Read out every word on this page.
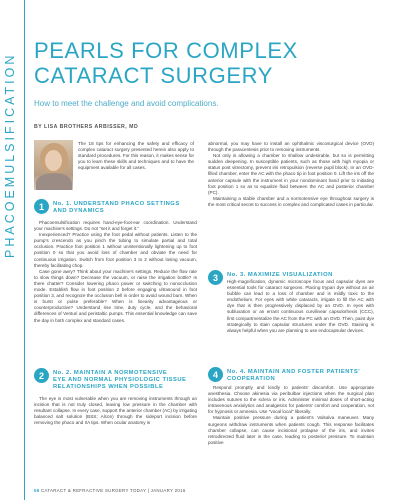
PHACOEMULSIFICATION
PEARLS FOR COMPLEX CATARACT SURGERY
How to meet the challenge and avoid complications.
BY LISA BROTHERS ARBISSER, MD
The 18 tips for enhancing the safety and efficacy of complex cataract surgery presented herein also apply to standard procedures. For this reason, it makes sense for you to learn these skills and techniques and to have the equipment available for all cases.
1	No. 1. UNDERSTAND PHACO SETTINGS
AND DYNAMICS

Phacoemulsification requires hand-eye-foot-ear coordination. Understand your machine's settings. Do not "set it and forget it."

Inexperienced? Practice using the foot pedal without patients. Listen to the pump's crescendo as you pinch the tubing to simulate partial and total occlusion. Practice foot position 1 without unintentionally lightening up to foot position 0 so that you avoid loss of chamber and obviate the need for continuous irrigation. Switch from foot position 3 to 2 without losing vacuum, thereby facilitating chop.

Case gone awry? Think about your machine's settings. Reduce the flow rate to slow things down? Decrease the vacuum, or raise the irrigation bottle? Is there chatter? Consider lowering phaco power or switching to nonocclusion mode. Establish flow in foot position 2 before engaging ultrasound in foot position 3, and recognize the occlusion bell in order to avoid wound burn. When is burst or pulse preferable? When is linearity advantageous or counterproductive? Understand rise time, duty cycle, and the behavioral differences of Venturi and peristaltic pumps. This essential knowledge can save the day in both complex and standard cases.

2	No. 2. MAINTAIN A NORMOTENSIVE
EYE AND NORMAL PHYSIOLOGIC TISSUE
RELATIONSHIPS WHEN POSSIBLE

The eye is most vulnerable when you are removing instruments through an incision that is not truly closed, leaving low pressure in the chamber with resultant collapse. In every case, support the anterior chamber (AC) by irrigating balanced salt solution (BSS; Alcon) through the sideport incision before removing the phaco and I/A tips. When ocular anatomy is

abnormal, you may have to install an ophthalmic viscosurgical device (OVD) through the paracentesis prior to removing instruments.

Not only is allowing a chamber to shallow undesirable, but so is permitting sudden deepening. In susceptible patients, such as those with high myopia or status post vitrectomy, prevent iris retropulsion (reverse pupil block). In an OVD-filled chamber, enter the AC with the phaco tip in foot position 0. Lift the iris off the anterior capsule with the instrument in your nondominant hand prior to initiating foot position 1 so as to equalize fluid between the AC and posterior chamber (PC).

Maintaining a stable chamber and a normotensive eye throughout surgery is the most critical secret to success in complex and complicated cases in particular.

3	No. 3. MAXIMIZE VISUALIZATION

High-magnification, dynamic microscope focus and capsular dyes are essential tools for cataract surgeons. Placing trypan dye without an air bubble can lead to a loss of chamber and is mildly toxic to the endothelium. For eyes with white cataracts, irrigate to fill the AC with dye that is then progressively displaced by an OVD. In eyes with subluxation or an errant continuous curvilinear capsulorhexis (CCC), first compartmentalize the AC from the PC with an OVD. Then, paint dye strategically to stain capsular structures under the OVD. Staining is always helpful when you are planning to use endocapsular devices.

4	No. 4. MAINTAIN AND FOSTER PATIENTS'
COOPERATION

Respond promptly and kindly to patients' discomfort. Use appropriate anesthesia. Choose akinesia via peribulbar injections when the surgical plan includes sutures to the sclera or iris. Administer minimal doses of short-acting intravenous anxiolytics and analgesics for patients' comfort and cooperation, not for hypnosis or amnesia. Use "vocal local" liberally.

Maintain positive pressure during a patient's Valsalva maneuver. Many surgeons withdraw instruments when patients cough. This response facilitates chamber collapse, can cause incisional prolapse of the iris, and invites retrodirected fluid later in the case, leading to posterior pressure. To maintain positive

56 CATARACT & REFRACTIVE SURGERY TODAY | JANUARY 2016
